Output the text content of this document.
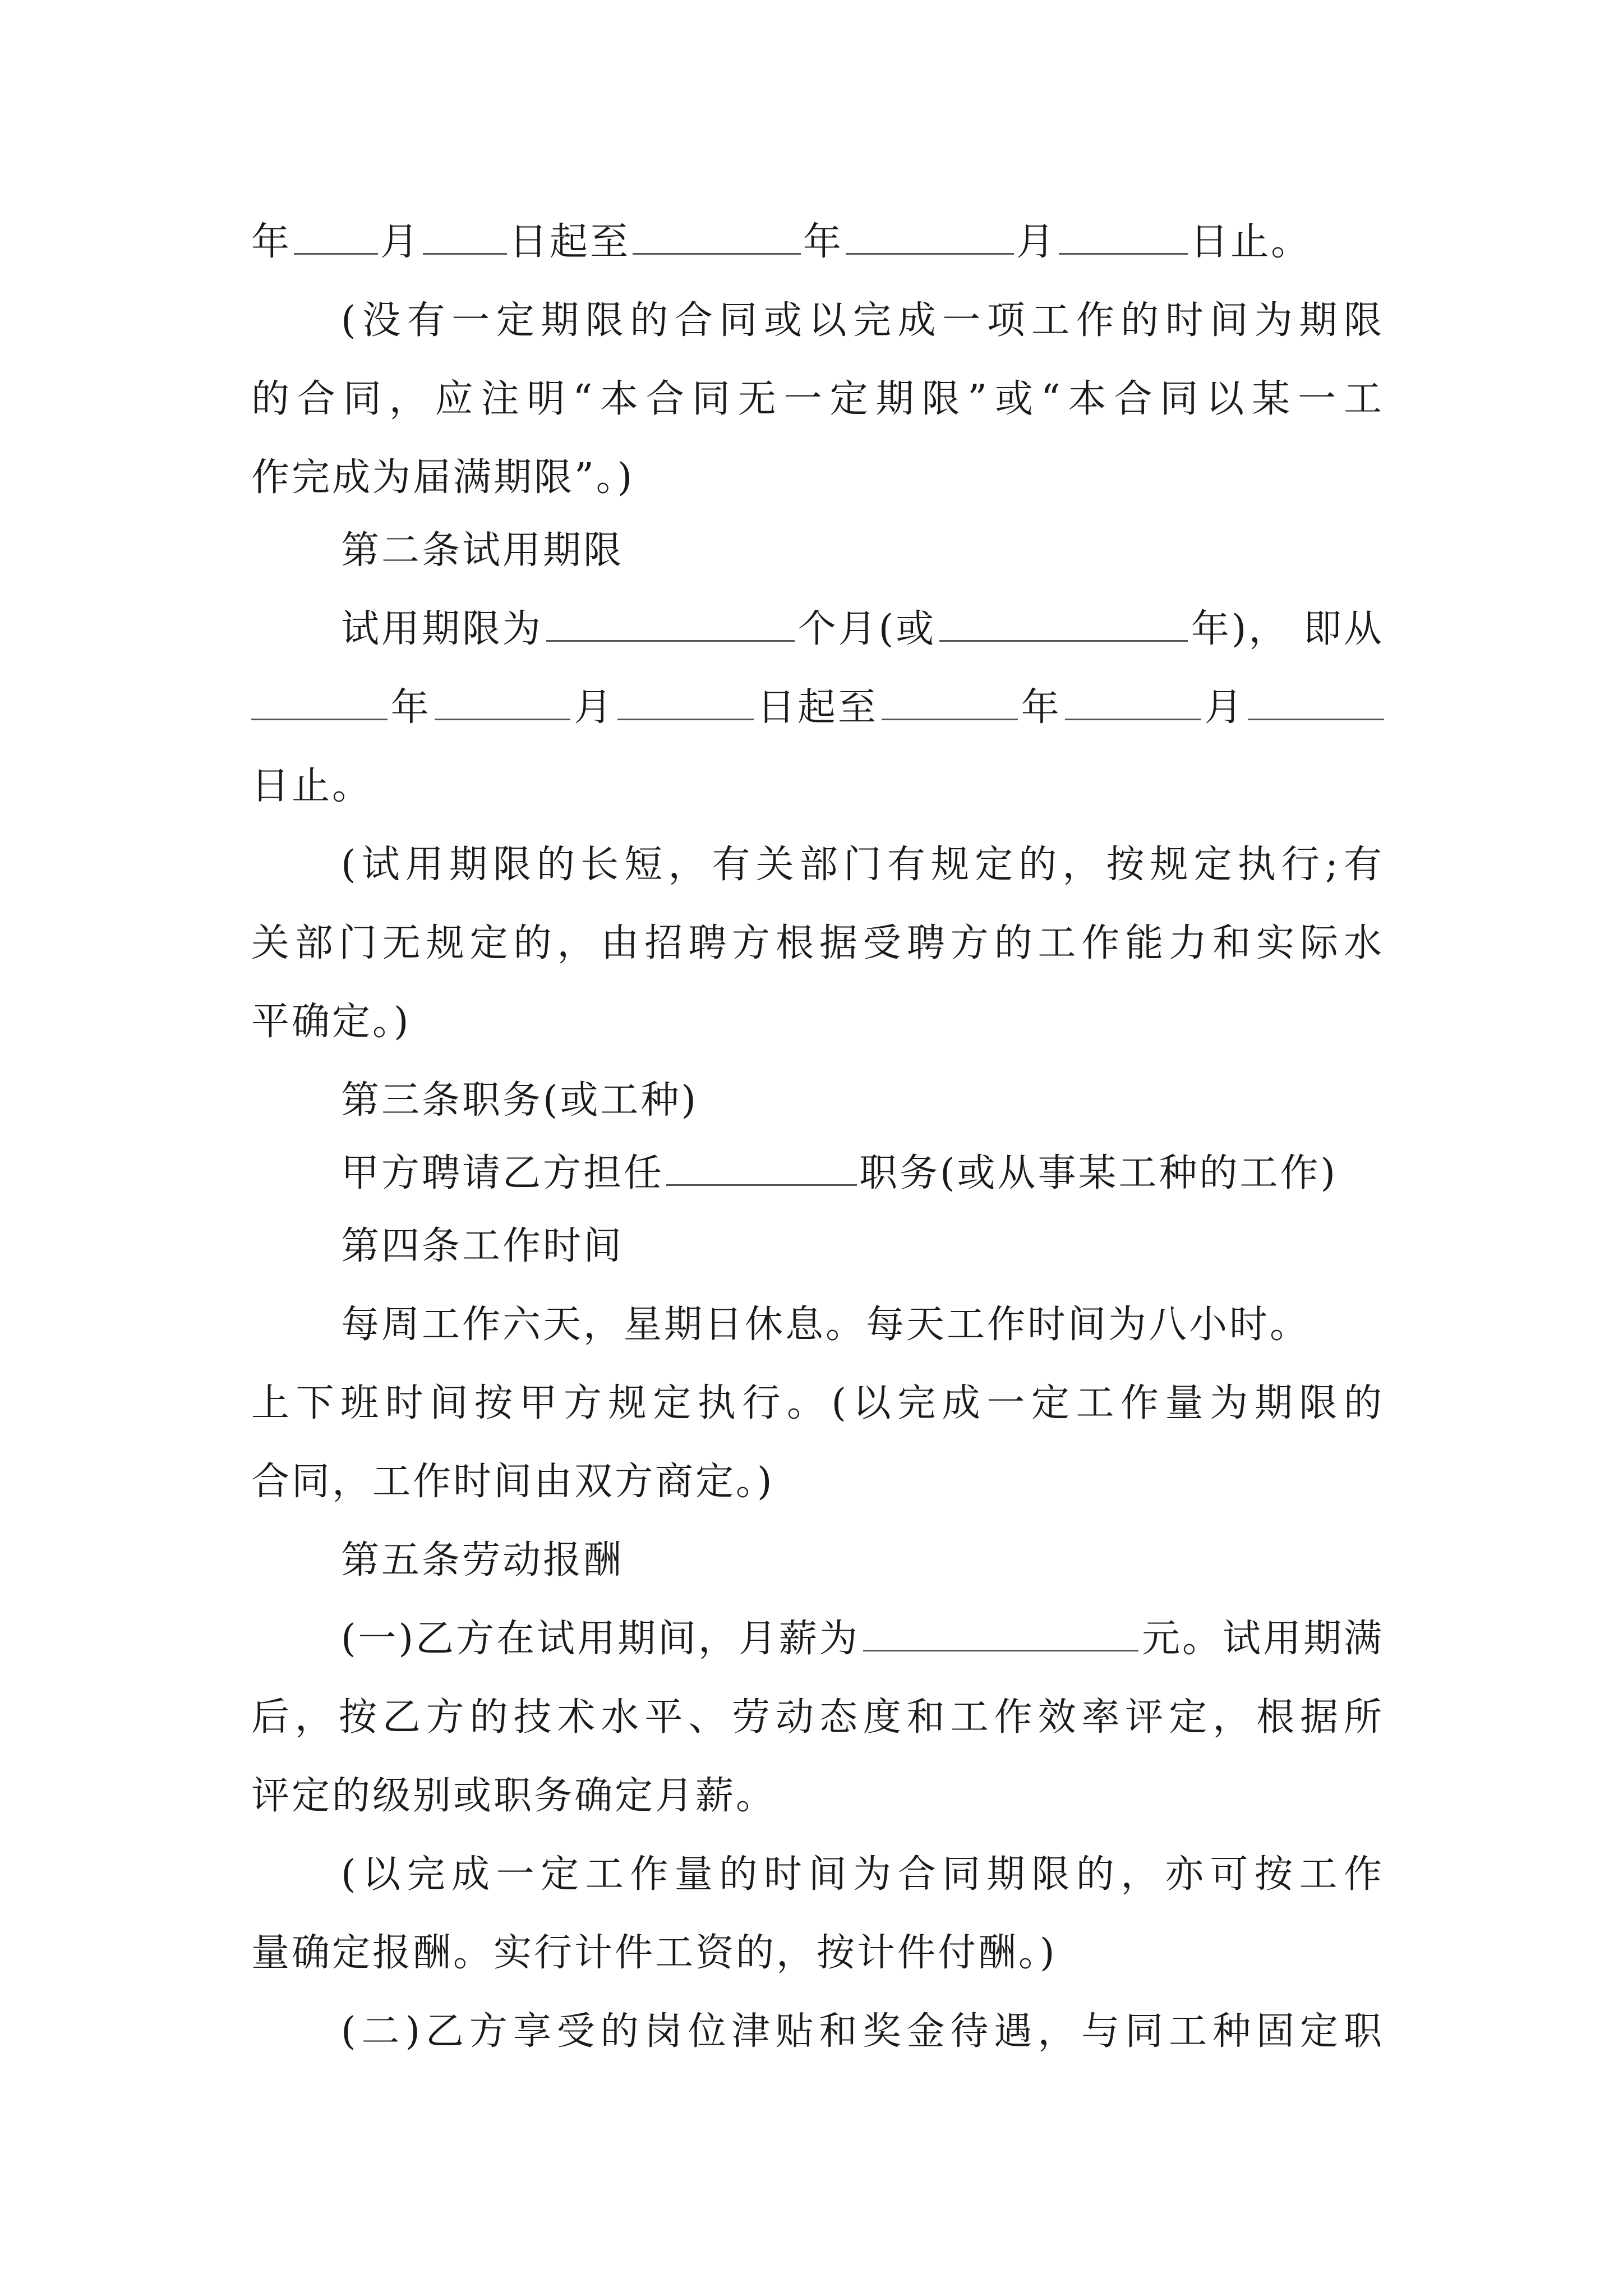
年 月 日起至	年	月	日止。
(没有一定期限的合同或以完成一项工作的时间为期限
的合同，应注明“本合同无一定期限”或“本合同以某一工
作完成为届满期限”。)
第二条试用期限
试用期限为	个月(或	年)， 即从
年	月	日起至	年	月
日止。
(试用期限的长短，有关部门有规定的，按规定执行;有
关部门无规定的，由招聘方根据受聘方的工作能力和实际水
平确定。)
第三条职务(或工种)
甲方聘请乙方担任	职务(或从事某工种的工作)
第四条工作时间
每周工作六天，星期日休息。每天工作时间为八小时。
上下班时间按甲方规定执行。(以完成一定工作量为期限的
合同，工作时间由双方商定。)
第五条劳动报酬
(一)乙方在试用期间，月薪为	元。试用期满
后，按乙方的技术水平、劳动态度和工作效率评定，根据所
评定的级别或职务确定月薪。
(以完成一定工作量的时间为合同期限的，亦可按工作
量确定报酬。实行计件工资的，按计件付酬。)
(二)乙方享受的岗位津贴和奖金待遇，与同工种固定职
